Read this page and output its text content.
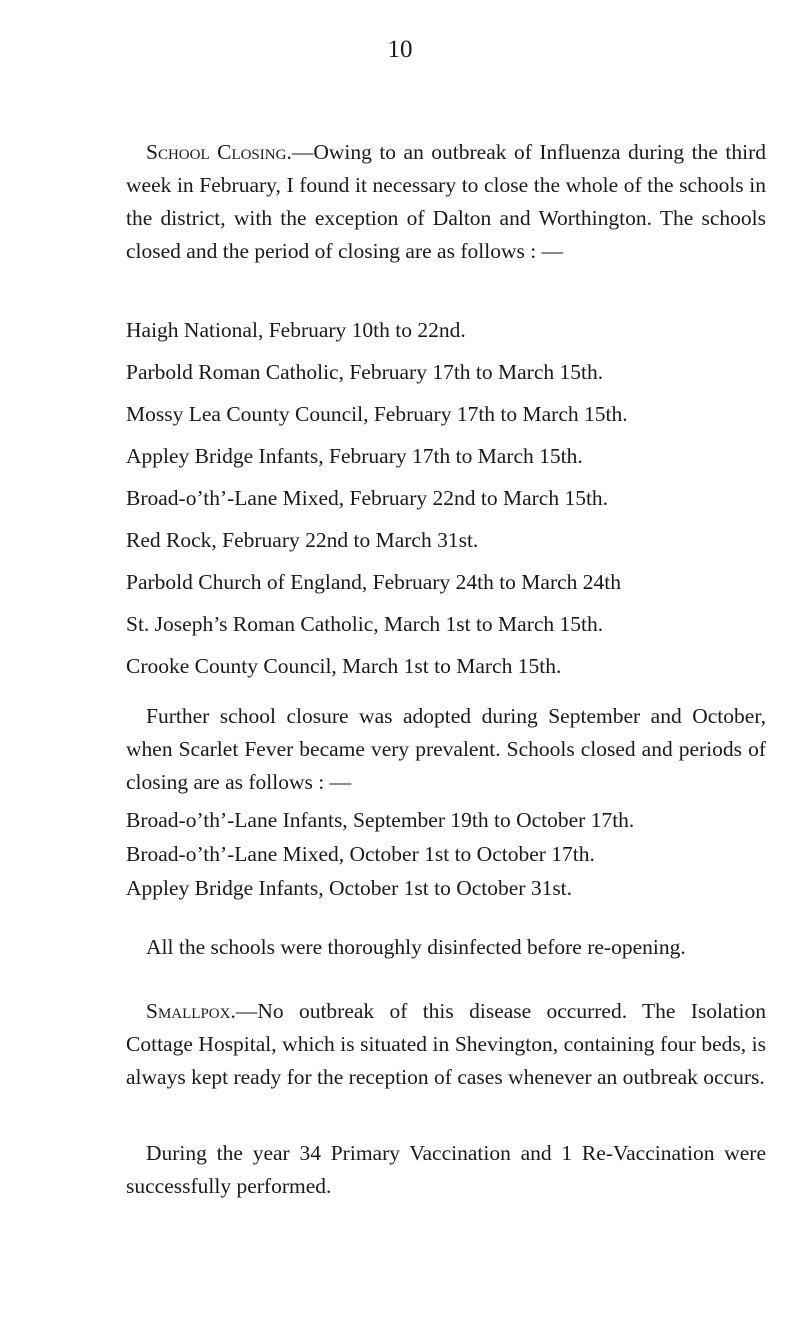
10

School Closing.—Owing to an outbreak of Influenza during the third week in February, I found it necessary to close the whole of the schools in the district, with the exception of Dalton and Worthington. The schools closed and the period of closing are as follows : —

Haigh National, February 10th to 22nd.
Parbold Roman Catholic, February 17th to March 15th.
Mossy Lea County Council, February 17th to March 15th.
Appley Bridge Infants, February 17th to March 15th.
Broad-o’th’-Lane Mixed, February 22nd to March 15th.
Red Rock, February 22nd to March 31st.
Parbold Church of England, February 24th to March 24th
St. Joseph’s Roman Catholic, March 1st to March 15th.
Crooke County Council, March 1st to March 15th.

Further school closure was adopted during September and October, when Scarlet Fever became very prevalent. Schools closed and periods of closing are as follows : —

Broad-o’th’-Lane Infants, September 19th to October 17th.
Broad-o’th’-Lane Mixed, October 1st to October 17th.
Appley Bridge Infants, October 1st to October 31st.

All the schools were thoroughly disinfected before re-opening.

Smallpox.—No outbreak of this disease occurred. The Isolation Cottage Hospital, which is situated in Shevington, containing four beds, is always kept ready for the reception of cases whenever an outbreak occurs.

During the year 34 Primary Vaccination and 1 Re-Vaccination were successfully performed.
